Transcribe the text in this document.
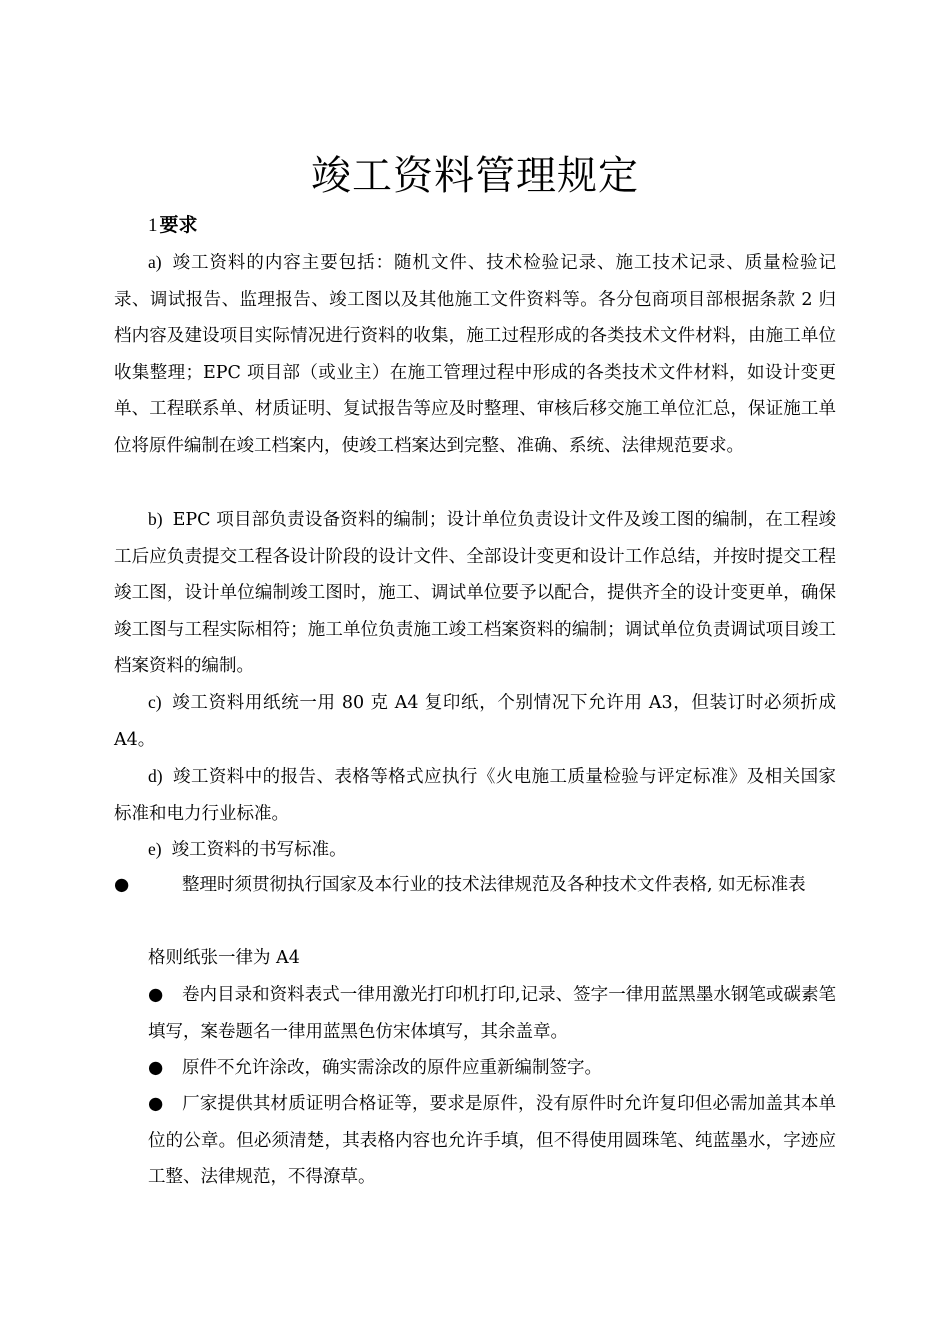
竣工资料管理规定
1 要求
a) 竣工资料的内容主要包括：随机文件、技术检验记录、施工技术记录、质量检验记录、调试报告、监理报告、竣工图以及其他施工文件资料等。各分包商项目部根据条款 2 归档内容及建设项目实际情况进行资料的收集，施工过程形成的各类技术文件材料，由施工单位收集整理；EPC 项目部（或业主）在施工管理过程中形成的各类技术文件材料，如设计变更单、工程联系单、材质证明、复试报告等应及时整理、审核后移交施工单位汇总，保证施工单位将原件编制在竣工档案内，使竣工档案达到完整、准确、系统、法律规范要求。
b) EPC 项目部负责设备资料的编制；设计单位负责设计文件及竣工图的编制，在工程竣工后应负责提交工程各设计阶段的设计文件、全部设计变更和设计工作总结，并按时提交工程竣工图，设计单位编制竣工图时，施工、调试单位要予以配合，提供齐全的设计变更单，确保竣工图与工程实际相符；施工单位负责施工竣工档案资料的编制；调试单位负责调试项目竣工档案资料的编制。
c) 竣工资料用纸统一用 80 克 A4 复印纸，个别情况下允许用 A3，但装订时必须折成 A4。
d) 竣工资料中的报告、表格等格式应执行《火电施工质量检验与评定标准》及相关国家标准和电力行业标准。
e) 竣工资料的书写标准。
●	整理时须贯彻执行国家及本行业的技术法律规范及各种技术文件表格, 如无标准表
格则纸张一律为 A4
● 卷内目录和资料表式一律用激光打印机打印,记录、签字一律用蓝黑墨水钢笔或碳素笔填写，案卷题名一律用蓝黑色仿宋体填写，其余盖章。
● 原件不允许涂改，确实需涂改的原件应重新编制签字。
● 厂家提供其材质证明合格证等，要求是原件，没有原件时允许复印但必需加盖其本单位的公章。但必须清楚，其表格内容也允许手填，但不得使用圆珠笔、纯蓝墨水，字迹应工整、法律规范，不得潦草。
